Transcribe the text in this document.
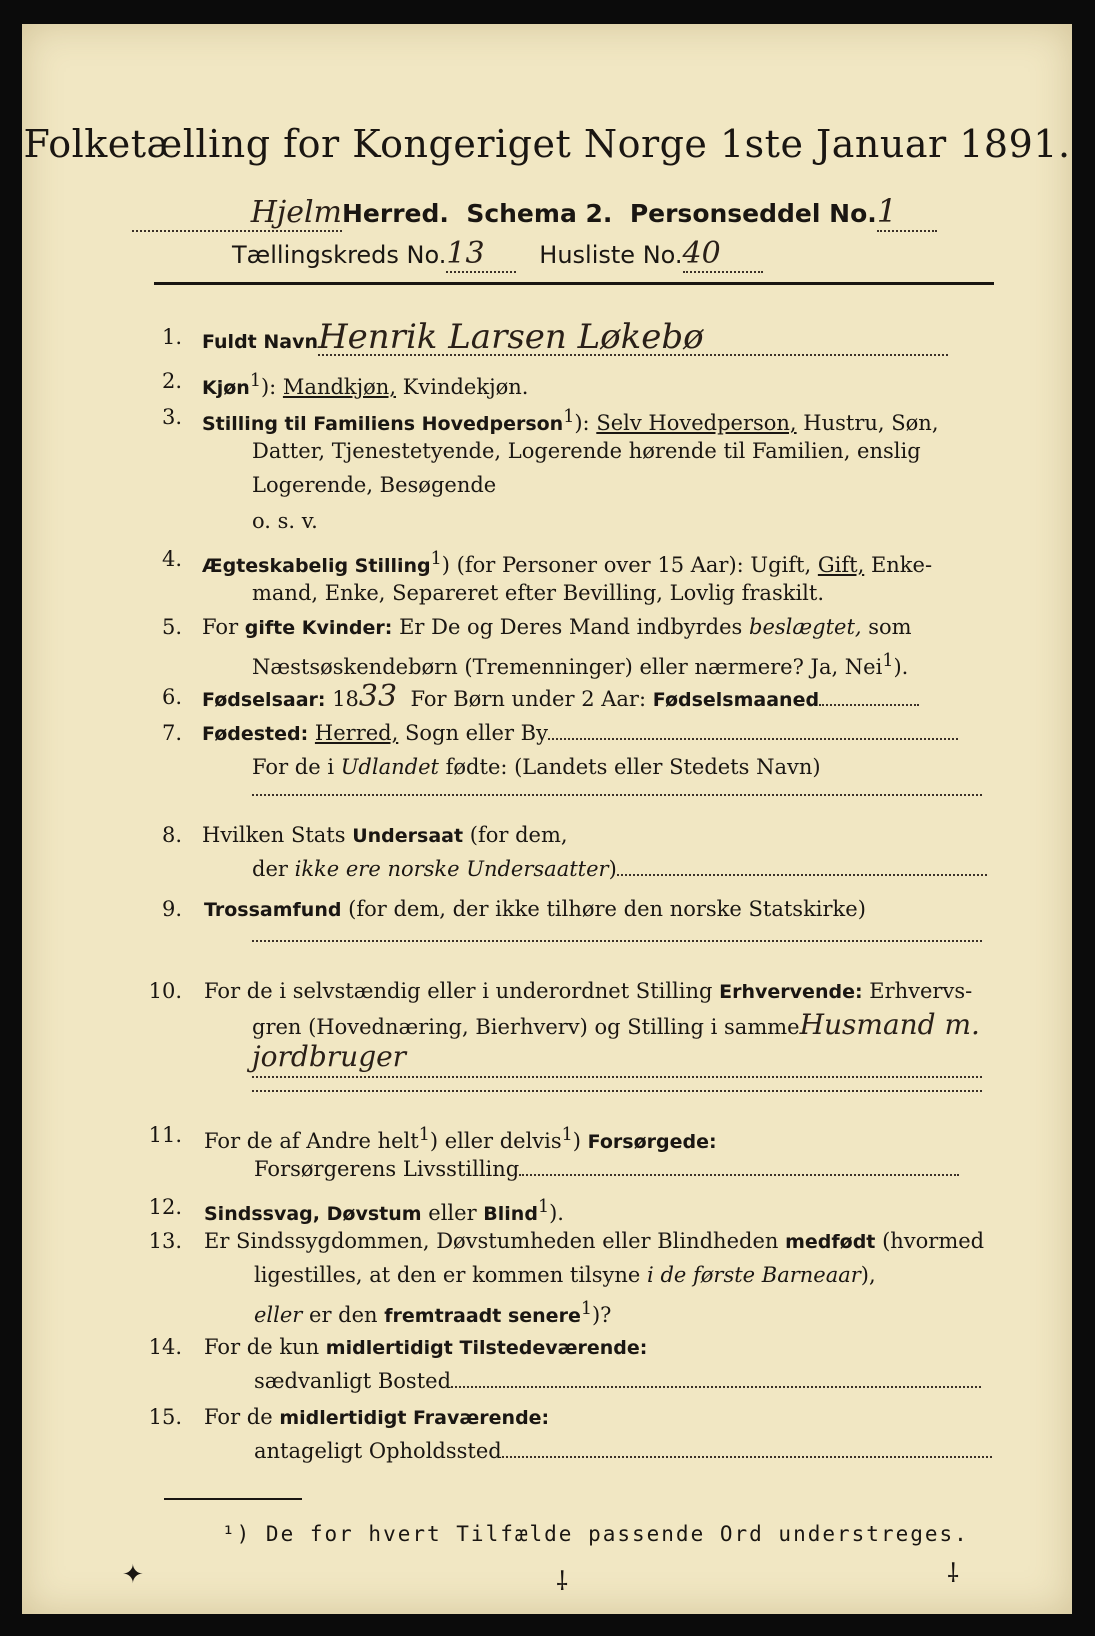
Folketælling for Kongeriget Norge 1ste Januar 1891.
HjelmHerred. Schema 2. Personseddel No.1
Tællingskreds No.13 Husliste No.40
1. Fuldt NavnHenrik Larsen Løkebø
2. Kjøn$^1$): Mandkjøn, Kvindekjøn.
3. Stilling til Familiens Hovedperson$^1$): Selv Hovedperson, Hustru, Søn,
Datter, Tjenestetyende, Logerende hørende til Familien, enslig
Logerende, Besøgende
o. s. v.
4. Ægteskabelig Stilling$^1$) (for Personer over 15 Aar): Ugift, Gift, Enke-
mand, Enke, Separeret efter Bevilling, Lovlig fraskilt.
5. For gifte Kvinder: Er De og Deres Mand indbyrdes beslægtet, som
Næstsøskendebørn (Tremenninger) eller nærmere? Ja, Nei$^1$).
6. Fødselsaar: 1833 For Børn under 2 Aar: Fødselsmaaned
7. Fødested: Herred, Sogn eller By
For de i Udlandet fødte: (Landets eller Stedets Navn)
8. Hvilken Stats Undersaat (for dem,
der ikke ere norske Undersaatter)
9. Trossamfund (for dem, der ikke tilhøre den norske Statskirke)
10. For de i selvstændig eller i underordnet Stilling Erhvervende: Erhvervs-
gren (Hovednæring, Bierhverv) og Stilling i sammeHusmand m.
jordbruger
11. For de af Andre helt$^1$) eller delvis$^1$) Forsørgede:
Forsørgerens Livsstilling
12. Sindssvag, Døvstum eller Blind$^1$).
13. Er Sindssygdommen, Døvstumheden eller Blindheden medfødt (hvormed
ligestilles, at den er kommen tilsyne i de første Barneaar),
eller er den fremtraadt senere$^1$)?
14. For de kun midlertidigt Tilstedeværende:
sædvanligt Bosted
15. For de midlertidigt Fraværende:
antageligt Opholdssted
¹) De for hvert Tilfælde passende Ord understreges.
✦	⸸	⸸
